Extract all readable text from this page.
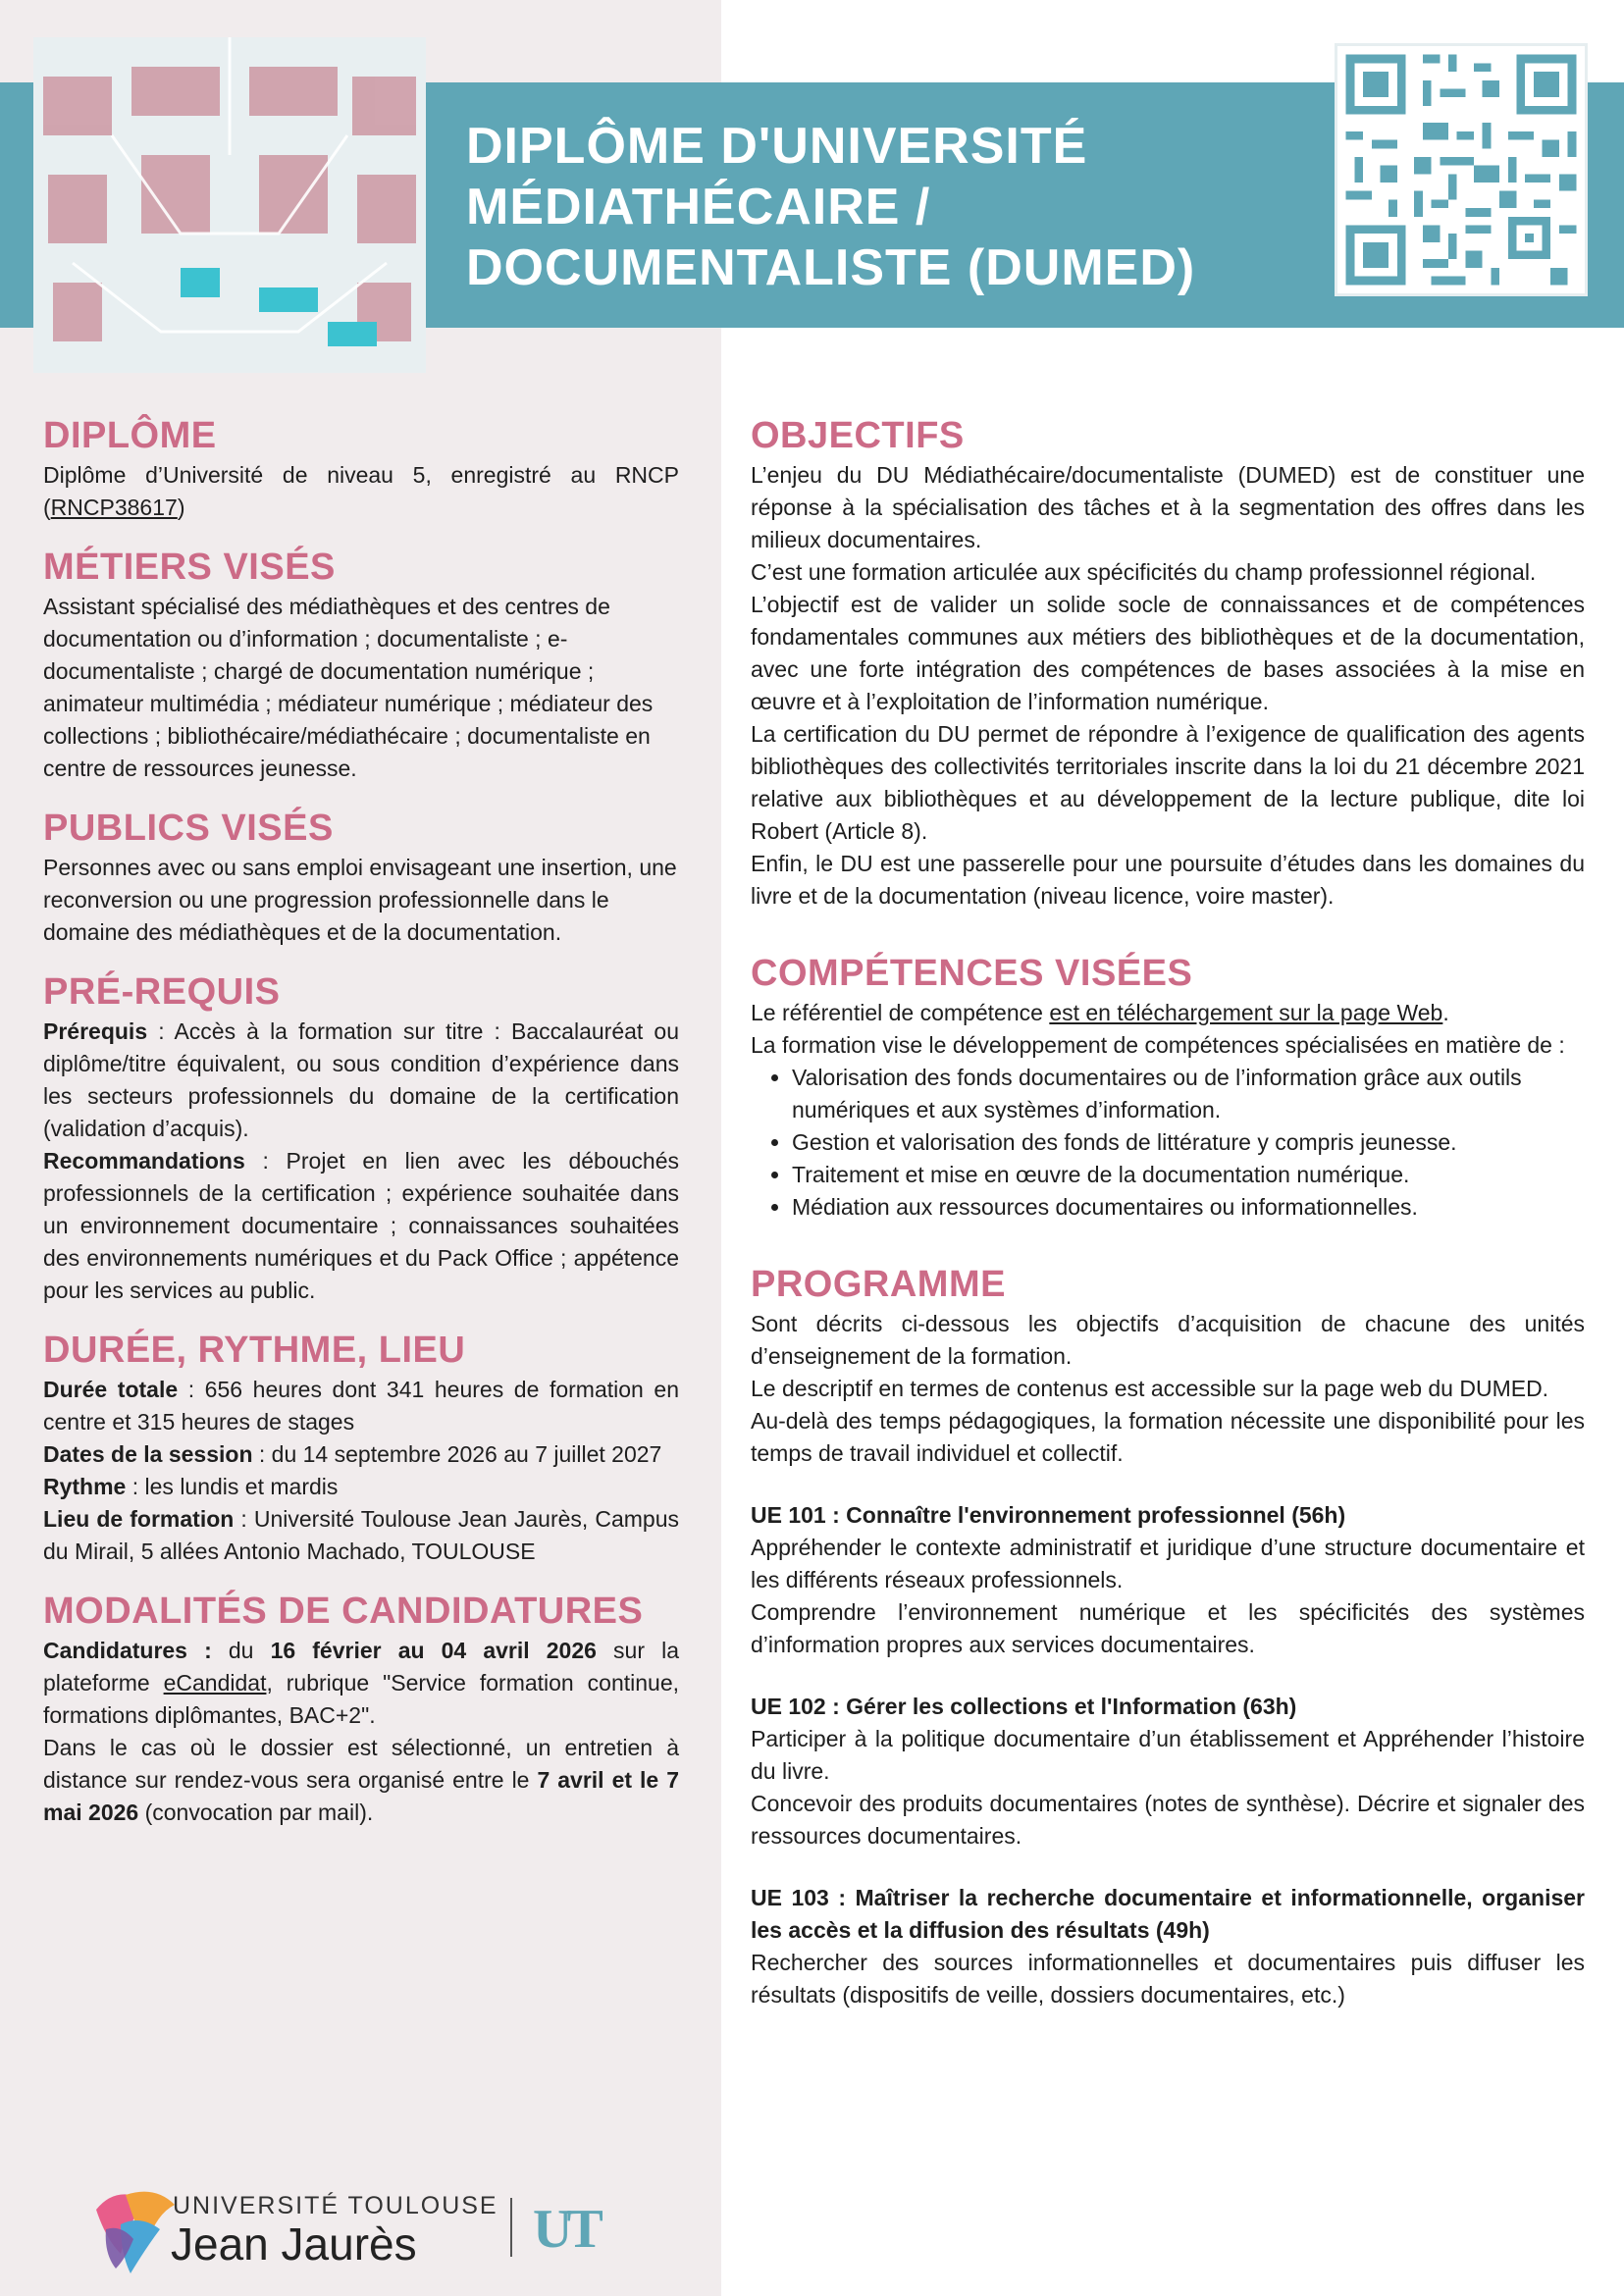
DIPLÔME D'UNIVERSITÉ
MÉDIATHÉCAIRE /
DOCUMENTALISTE (DUMED)
DIPLÔME

Diplôme d’Université de niveau 5, enregistré au RNCP (RNCP38617)

MÉTIERS VISÉS

Assistant spécialisé des médiathèques et des centres de documentation ou d’information ; documentaliste ; e-documentaliste ; chargé de documentation numérique ; animateur multimédia ; médiateur numérique ; médiateur des collections ; bibliothécaire/médiathécaire ; documentaliste en centre de ressources jeunesse.

PUBLICS VISÉS

Personnes avec ou sans emploi envisageant une insertion, une reconversion ou une progression professionnelle dans le domaine des médiathèques et de la documentation.

PRÉ-REQUIS

Prérequis : Accès à la formation sur titre : Baccalauréat ou diplôme/titre équivalent, ou sous condition d’expérience dans les secteurs professionnels du domaine de la certification (validation d’acquis).

Recommandations : Projet en lien avec les débouchés professionnels de la certification ; expérience souhaitée dans un environnement documentaire ; connaissances souhaitées des environnements numériques et du Pack Office ; appétence pour les services au public.

DURÉE, RYTHME, LIEU

Durée totale : 656 heures dont 341 heures de formation en centre et 315 heures de stages

Dates de la session : du 14 septembre 2026 au 7 juillet 2027

Rythme : les lundis et mardis

Lieu de formation : Université Toulouse Jean Jaurès, Campus du Mirail, 5 allées Antonio Machado, TOULOUSE

MODALITÉS DE CANDIDATURES

Candidatures : du 16 février au 04 avril 2026 sur la plateforme eCandidat, rubrique "Service formation continue, formations diplômantes, BAC+2".

Dans le cas où le dossier est sélectionné, un entretien à distance sur rendez-vous sera organisé entre le 7 avril et le 7 mai 2026 (convocation par mail).

OBJECTIFS

L’enjeu du DU Médiathécaire/documentaliste (DUMED) est de constituer une réponse à la spécialisation des tâches et à la segmentation des offres dans les milieux documentaires.

C’est une formation articulée aux spécificités du champ professionnel régional.

L’objectif est de valider un solide socle de connaissances et de compétences fondamentales communes aux métiers des bibliothèques et de la documentation, avec une forte intégration des compétences de bases associées à la mise en œuvre et à l’exploitation de l’information numérique.

La certification du DU permet de répondre à l’exigence de qualification des agents bibliothèques des collectivités territoriales inscrite dans la loi du 21 décembre 2021 relative aux bibliothèques et au développement de la lecture publique, dite loi Robert (Article 8).

Enfin, le DU est une passerelle pour une poursuite d’études dans les domaines du livre et de la documentation (niveau licence, voire master).

COMPÉTENCES VISÉES

Le référentiel de compétence est en téléchargement sur la page Web.

La formation vise le développement de compétences spécialisées en matière de :

• Valorisation des fonds documentaires ou de l’information grâce aux outils numériques et aux systèmes d’information.
• Gestion et valorisation des fonds de littérature y compris jeunesse.
• Traitement et mise en œuvre de la documentation numérique.
• Médiation aux ressources documentaires ou informationnelles.
PROGRAMME

Sont décrits ci-dessous les objectifs d’acquisition de chacune des unités d’enseignement de la formation.

Le descriptif en termes de contenus est accessible sur la page web du DUMED.

Au-delà des temps pédagogiques, la formation nécessite une disponibilité pour les temps de travail individuel et collectif.

UE 101 : Connaître l'environnement professionnel (56h)

Appréhender le contexte administratif et juridique d’une structure documentaire et les différents réseaux professionnels.

Comprendre l’environnement numérique et les spécificités des systèmes d’information propres aux services documentaires.

UE 102 : Gérer les collections et l'Information (63h)

Participer à la politique documentaire d’un établissement et Appréhender l’histoire du livre.

Concevoir des produits documentaires (notes de synthèse). Décrire et signaler des ressources documentaires.

UE 103 : Maîtriser la recherche documentaire et informationnelle, organiser les accès et la diffusion des résultats (49h)

Rechercher des sources informationnelles et documentaires puis diffuser les résultats (dispositifs de veille, dossiers documentaires, etc.)

UNIVERSITÉ TOULOUSE
Jean Jaurès UT
